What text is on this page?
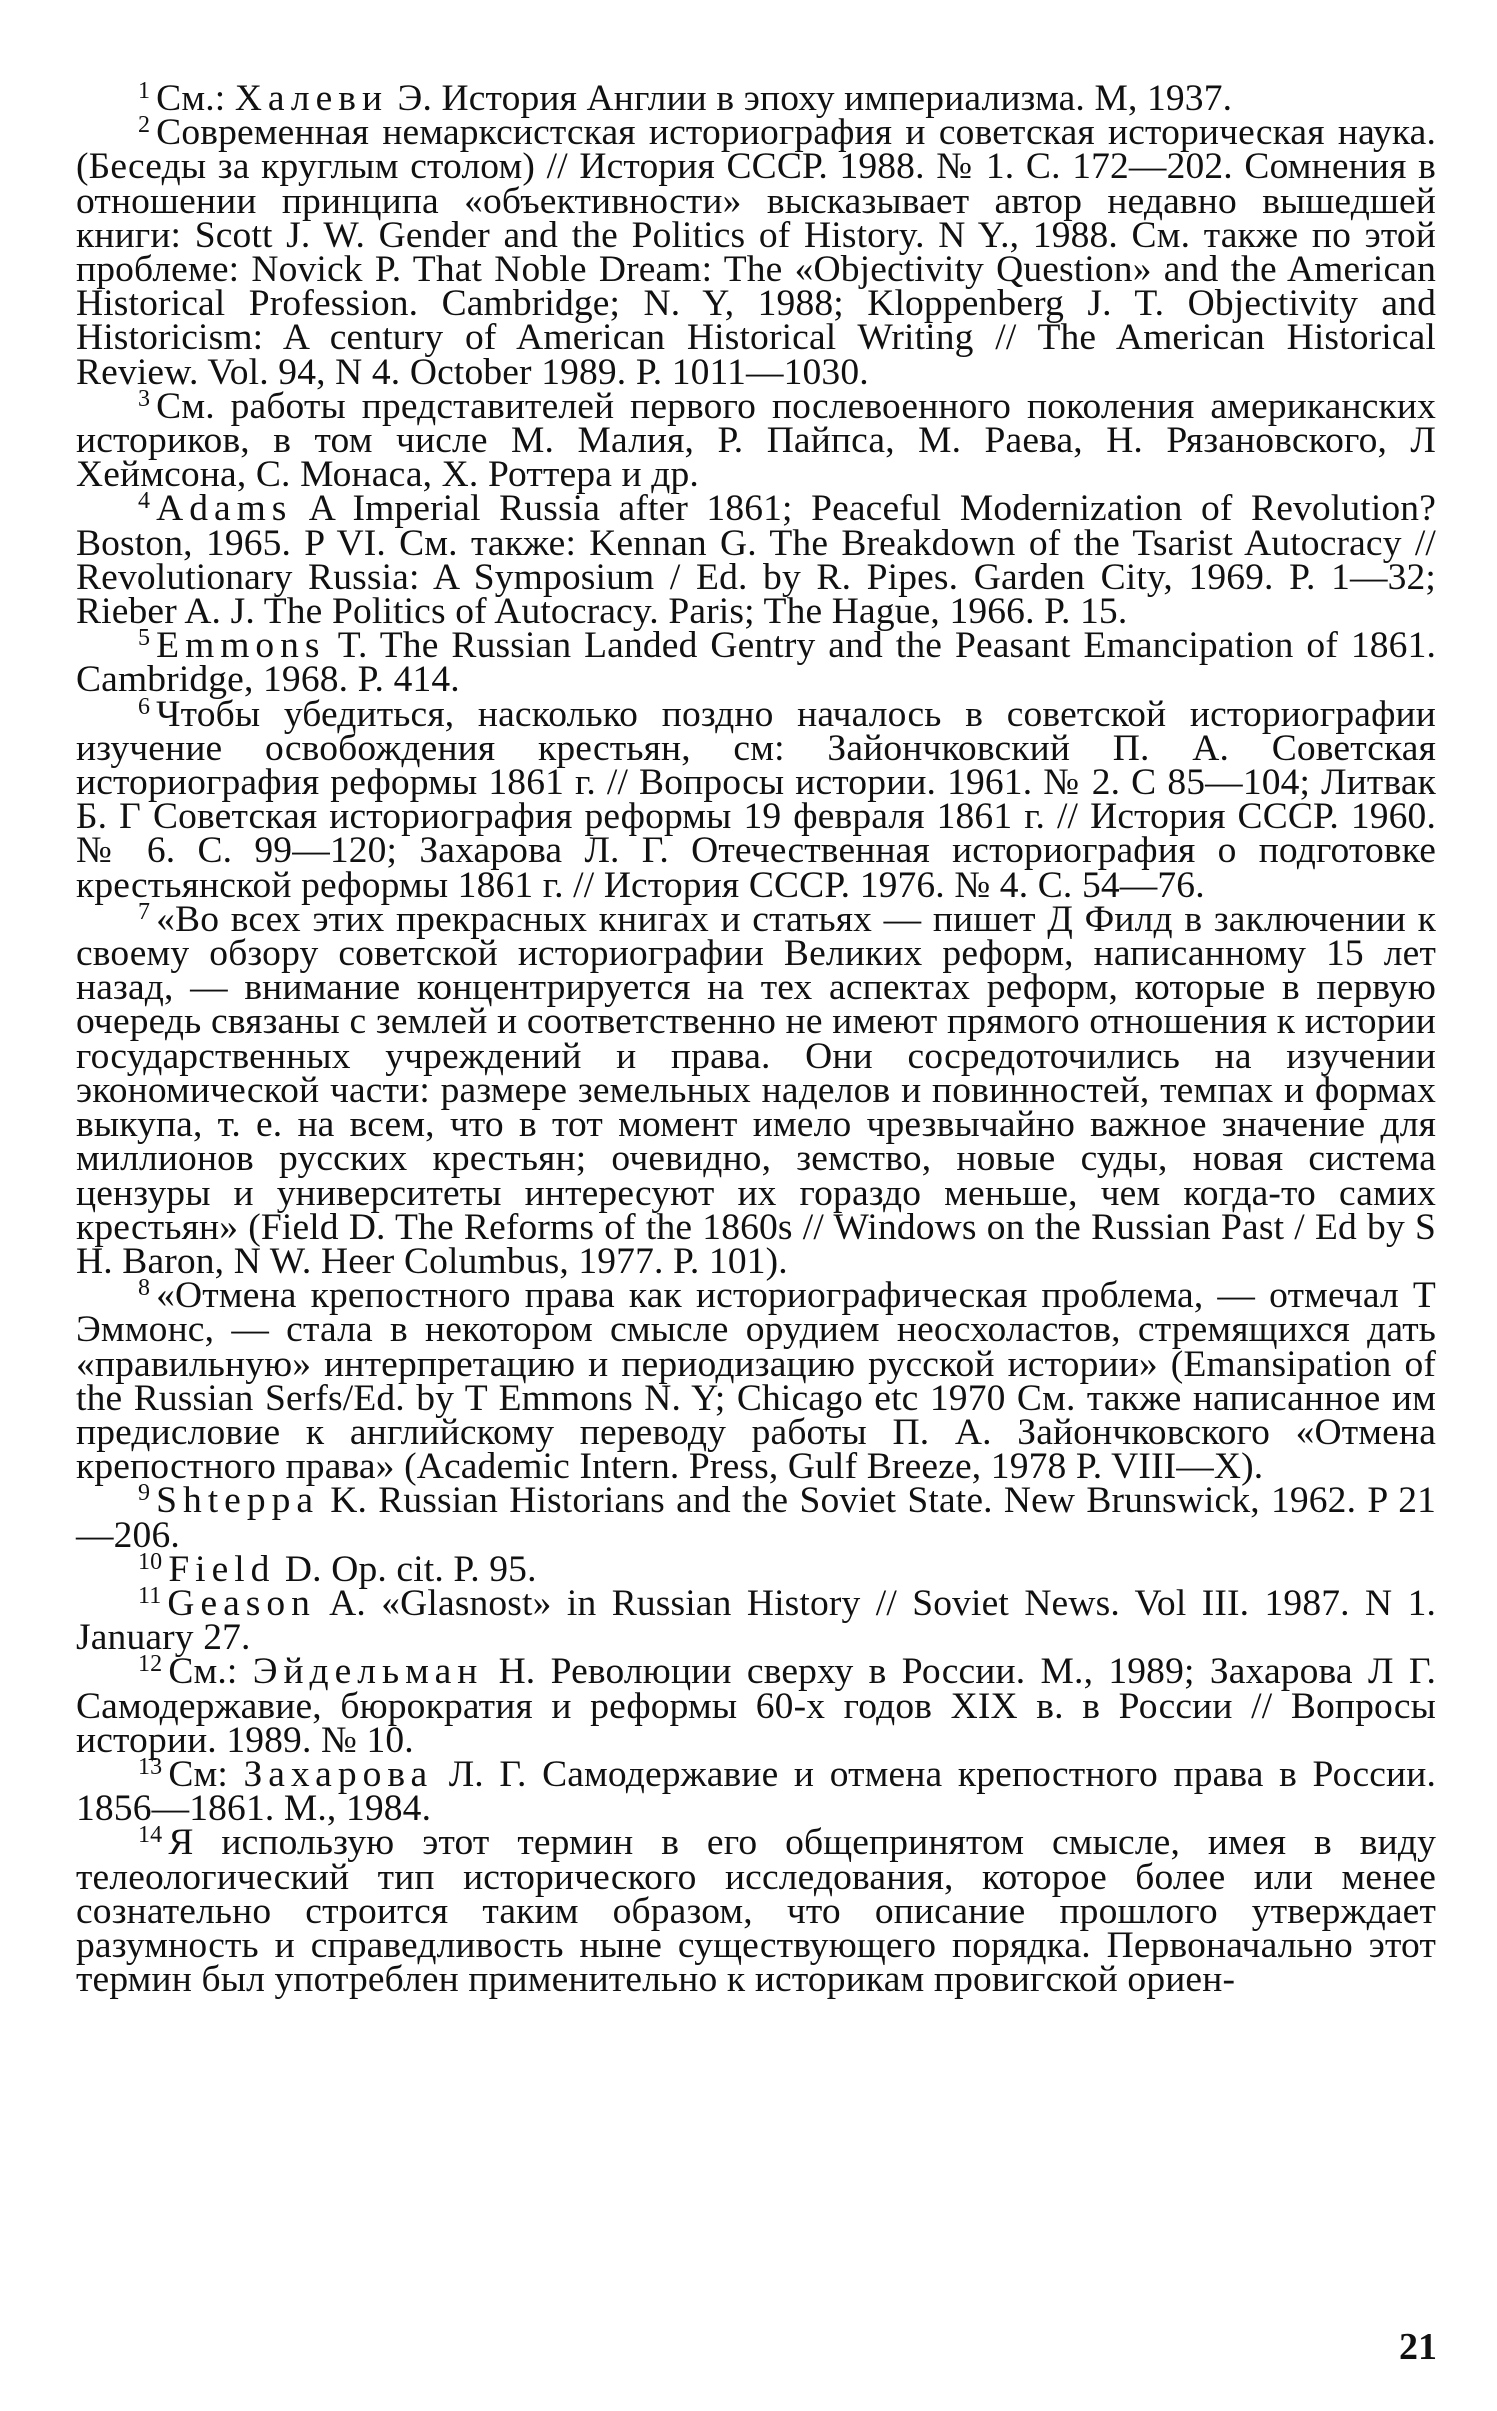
$^1$ См.: Халеви Э. История Англии в эпоху империализма. М, 1937.

$^2$ Современная немарксистская историография и советская историческая наука. (Беседы за круглым столом) // История СССР. 1988. № 1. С. 172—202. Сомнения в отношении принципа «объективности» высказывает автор недавно вышедшей книги: Scott J. W. Gender and the Politics of History. N Y., 1988. См. также по этой проблеме: Novick P. That Noble Dream: The «Objectivity Question» and the American Historical Profession. Cambridge; N. Y, 1988; Kloppenberg J. T. Objectivity and Historicism: A century of American Historical Writing // The American Historical Review. Vol. 94, N 4. October 1989. P. 1011—1030.

$^3$ См. работы представителей первого послевоенного поколения американских историков, в том числе М. Малия, Р. Пайпса, М. Раева, Н. Рязановского, Л Хеймсона, С. Монаса, Х. Роттера и др.

$^4$ Adams A Imperial Russia after 1861; Peaceful Modernization of Revolution? Boston, 1965. P VI. См. также: Kennan G. The Breakdown of the Tsarist Autocracy // Revolutionary Russia: A Symposium / Ed. by R. Pipes. Garden City, 1969. P. 1—32; Rieber A. J. The Politics of Autocracy. Paris; The Hague, 1966. P. 15.

$^5$ Emmons T. The Russian Landed Gentry and the Peasant Emancipation of 1861. Cambridge, 1968. P. 414.

$^6$ Чтобы убедиться, насколько поздно началось в советской историографии изучение освобождения крестьян, см: Зайончковский П. А. Советская историография реформы 1861 г. // Вопросы истории. 1961. № 2. С 85—104; Литвак Б. Г Советская историография реформы 19 февраля 1861 г. // История СССР. 1960. № 6. С. 99—120; Захарова Л. Г. Отечественная историография о подготовке крестьянской реформы 1861 г. // История СССР. 1976. № 4. С. 54—76.

$^7$ «Во всех этих прекрасных книгах и статьях — пишет Д Филд в заключении к своему обзору советской историографии Великих реформ, написанному 15 лет назад, — внимание концентрируется на тех аспектах реформ, которые в первую очередь связаны с землей и соответственно не имеют прямого отношения к истории государственных учреждений и права. Они сосредоточились на изучении экономической части: размере земельных наделов и повинностей, темпах и формах выкупа, т. е. на всем, что в тот момент имело чрезвычайно важное значение для миллионов русских крестьян; очевидно, земство, новые суды, новая система цензуры и университеты интересуют их гораздо меньше, чем когда-то самих крестьян» (Field D. The Reforms of the 1860s // Windows on the Russian Past / Ed by S H. Baron, N W. Heer Columbus, 1977. P. 101).

$^8$ «Отмена крепостного права как историографическая проблема, — отмечал Т Эммонс, — стала в некотором смысле орудием неосхоластов, стремящихся дать «правильную» интерпретацию и периодизацию русской истории» (Emansipation of the Russian Serfs/Ed. by T Emmons N. Y; Chicago etc 1970 См. также написанное им предисловие к английскому переводу работы П. А. Зайончковского «Отмена крепостного права» (Academic Intern. Press, Gulf Breeze, 1978 P. VIII—X).

$^9$ Shteppa K. Russian Historians and the Soviet State. New Brunswick, 1962. P 21—206.

$^{10}$ Field D. Op. cit. P. 95.

$^{11}$ Geason A. «Glasnost» in Russian History // Soviet News. Vol III. 1987. N 1. January 27.

$^{12}$ См.: Эйдельман Н. Революции сверху в России. М., 1989; Захарова Л Г. Самодержавие, бюрократия и реформы 60-х годов XIX в. в России // Вопросы истории. 1989. № 10.

$^{13}$ См: Захарова Л. Г. Самодержавие и отмена крепостного права в России. 1856—1861. М., 1984.

$^{14}$ Я использую этот термин в его общепринятом смысле, имея в виду телеологический тип исторического исследования, которое более или менее сознательно строится таким образом, что описание прошлого утверждает разумность и справедливость ныне существующего порядка. Первоначально этот термин был употреблен применительно к историкам провигской ориен-

21
